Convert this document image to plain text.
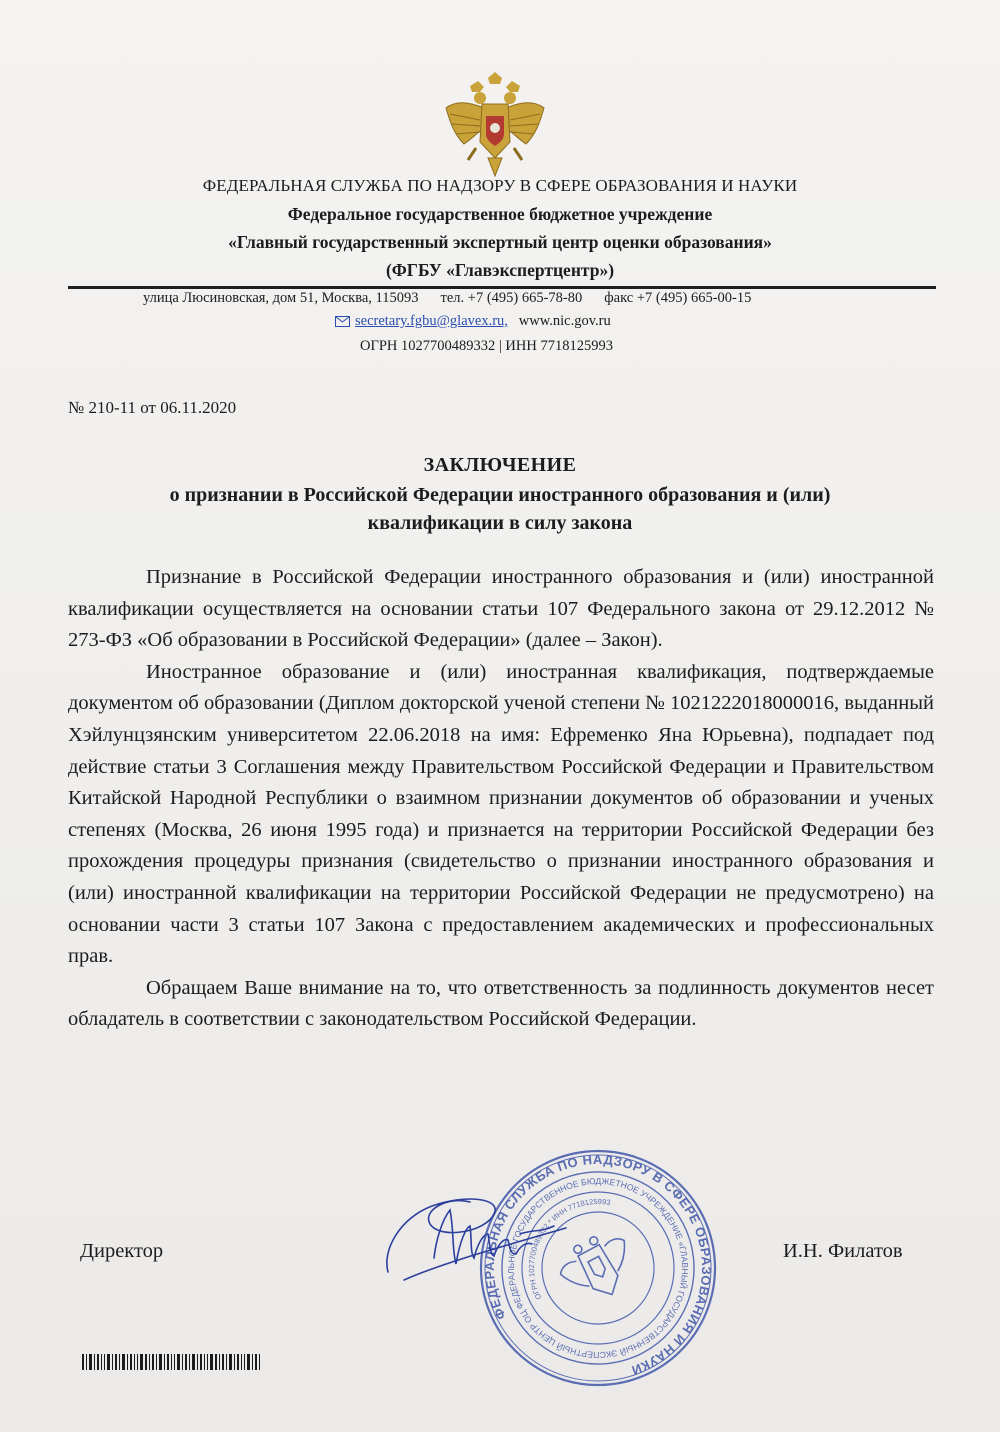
ФЕДЕРАЛЬНАЯ СЛУЖБА ПО НАДЗОРУ В СФЕРЕ ОБРАЗОВАНИЯ И НАУКИ
Федеральное государственное бюджетное учреждение
«Главный государственный экспертный центр оценки образования»
(ФГБУ «Главэкспертцентр»)
улица Люсиновская, дом 51, Москва, 115093 тел. +7 (495) 665-78-80 факс +7 (495) 665-00-15
secretary.fgbu@glavex.ru, www.nic.gov.ru
ОГРН 1027700489332 | ИНН 7718125993
№ 210-11 от 06.11.2020
ЗАКЛЮЧЕНИЕ
о признании в Российской Федерации иностранного образования и (или)
квалификации в силу закона

Признание в Российской Федерации иностранного образования и (или) иностранной квалификации осуществляется на основании статьи 107 Федерального закона от 29.12.2012 № 273-ФЗ «Об образовании в Российской Федерации» (далее – Закон).

Иностранное образование и (или) иностранная квалификация, подтверждаемые документом об образовании (Диплом докторской ученой степени № 1021222018000016, выданный Хэйлунцзянским университетом 22.06.2018 на имя: Ефременко Яна Юрьевна), подпадает под действие статьи 3 Соглашения между Правительством Российской Федерации и Правительством Китайской Народной Республики о взаимном признании документов об образовании и ученых степенях (Москва, 26 июня 1995 года) и признается на территории Российской Федерации без прохождения процедуры признания (свидетельство о признании иностранного образования и (или) иностранной квалификации на территории Российской Федерации не предусмотрено) на основании части 3 статьи 107 Закона с предоставлением академических и профессиональных прав.

Обращаем Ваше внимание на то, что ответственность за подлинность документов несет обладатель в соответствии с законодательством Российской Федерации.

ФЕДЕРАЛЬНАЯ СЛУЖБА ПО НАДЗОРУ В СФЕРЕ ОБРАЗОВАНИЯ И НАУКИ
ФЕДЕРАЛЬНОЕ ГОСУДАРСТВЕННОЕ БЮДЖЕТНОЕ УЧРЕЖДЕНИЕ «ГЛАВНЫЙ ГОСУДАРСТВЕННЫЙ ЭКСПЕРТНЫЙ ЦЕНТР ОЦЕНКИ
ОГРН 1027700489332 * ИНН 7718125993
Директор	И.Н. Филатов
